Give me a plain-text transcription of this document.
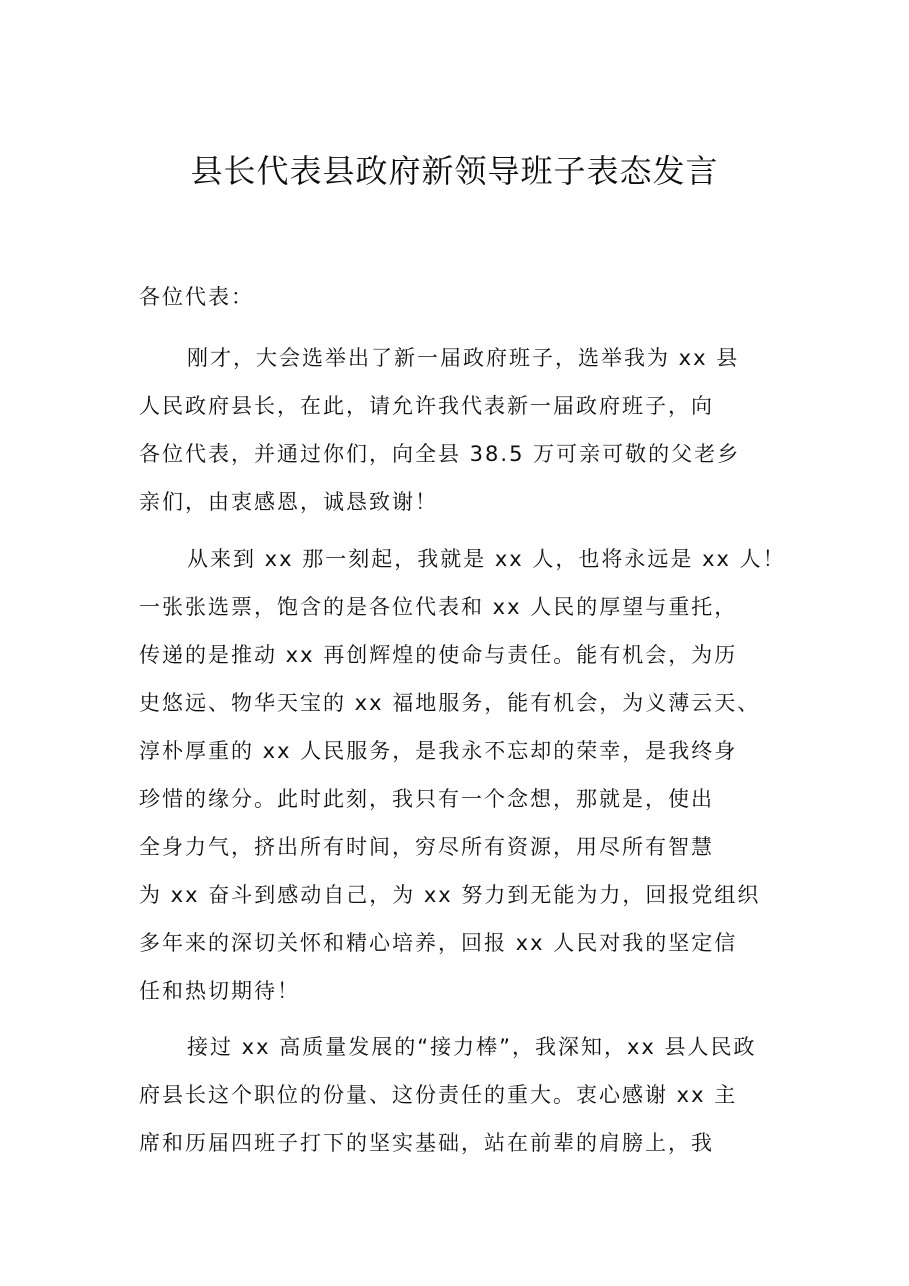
县长代表县政府新领导班子表态发言
各位代表：
刚才，大会选举出了新一届政府班子，选举我为 xx 县
人民政府县长，在此，请允许我代表新一届政府班子，向
各位代表，并通过你们，向全县 38.5 万可亲可敬的父老乡
亲们，由衷感恩，诚恳致谢！
从来到 xx 那一刻起，我就是 xx 人，也将永远是 xx 人！
一张张选票，饱含的是各位代表和 xx 人民的厚望与重托，
传递的是推动 xx 再创辉煌的使命与责任。能有机会，为历
史悠远、物华天宝的 xx 福地服务，能有机会，为义薄云天、
淳朴厚重的 xx 人民服务，是我永不忘却的荣幸，是我终身
珍惜的缘分。此时此刻，我只有一个念想，那就是，使出
全身力气，挤出所有时间，穷尽所有资源，用尽所有智慧
为 xx 奋斗到感动自己，为 xx 努力到无能为力，回报党组织
多年来的深切关怀和精心培养，回报 xx 人民对我的坚定信
任和热切期待！
接过 xx 高质量发展的“接力棒”，我深知，xx 县人民政
府县长这个职位的份量、这份责任的重大。衷心感谢 xx 主
席和历届四班子打下的坚实基础，站在前辈的肩膀上，我
